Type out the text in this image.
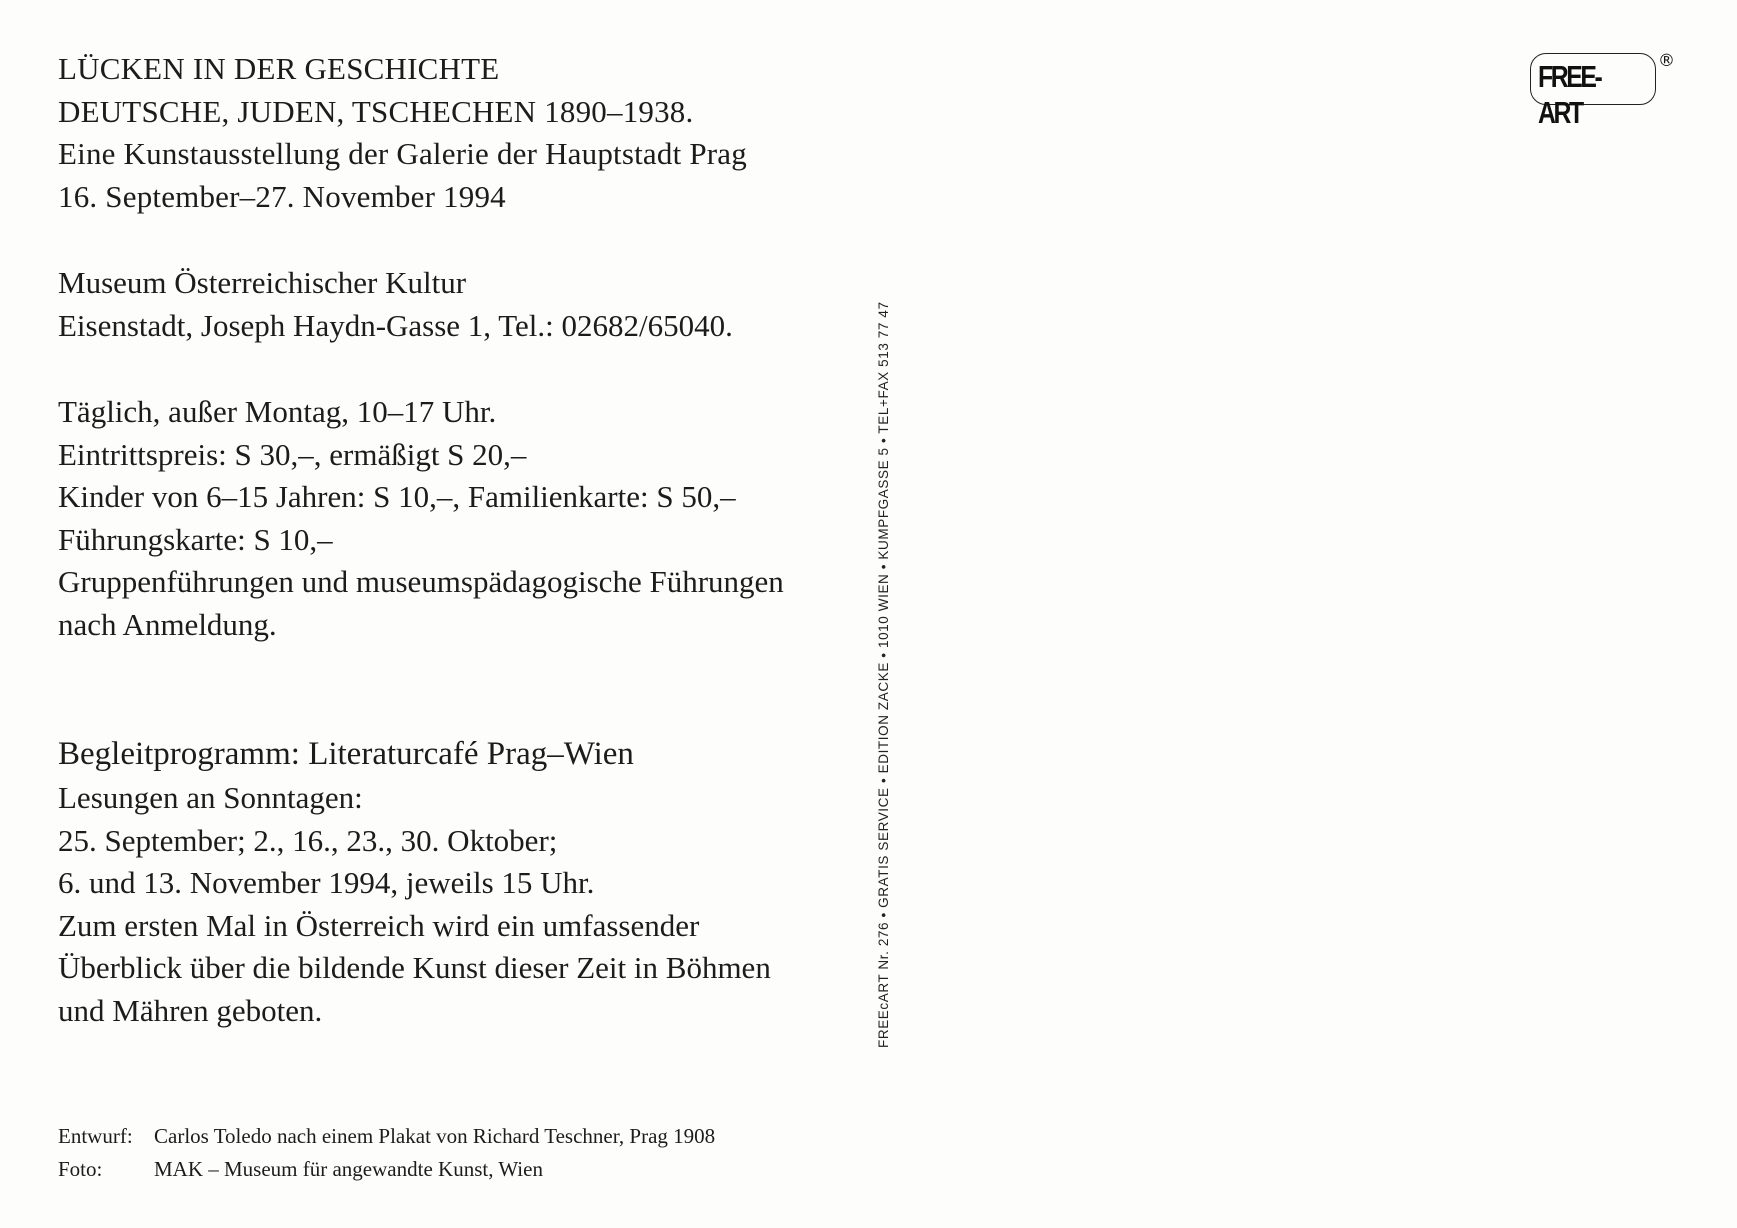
LÜCKEN IN DER GESCHICHTE
DEUTSCHE, JUDEN, TSCHECHEN 1890–1938.
Eine Kunstausstellung der Galerie der Hauptstadt Prag
16. September–27. November 1994
Museum Österreichischer Kultur
Eisenstadt, Joseph Haydn-Gasse 1, Tel.: 02682/65040.
Täglich, außer Montag, 10–17 Uhr.
Eintrittspreis: S 30,–, ermäßigt S 20,–
Kinder von 6–15 Jahren: S 10,–, Familienkarte: S 50,–
Führungskarte: S 10,–
Gruppenführungen und museumspädagogische Führungen
nach Anmeldung.
Begleitprogramm: Literaturcafé Prag–Wien
Lesungen an Sonntagen:
25. September; 2., 16., 23., 30. Oktober;
6. und 13. November 1994, jeweils 15 Uhr.
Zum ersten Mal in Österreich wird ein umfassender
Überblick über die bildende Kunst dieser Zeit in Böhmen
und Mähren geboten.
Entwurf:	Carlos Toledo nach einem Plakat von Richard Teschner, Prag 1908
Foto:	MAK – Museum für angewandte Kunst, Wien
FREEcART Nr. 276 • GRATIS SERVICE • EDITION ZACKE • 1010 WIEN • KUMPFGASSE 5 • TEL+FAX 513 77 47
FREE-ART
®
